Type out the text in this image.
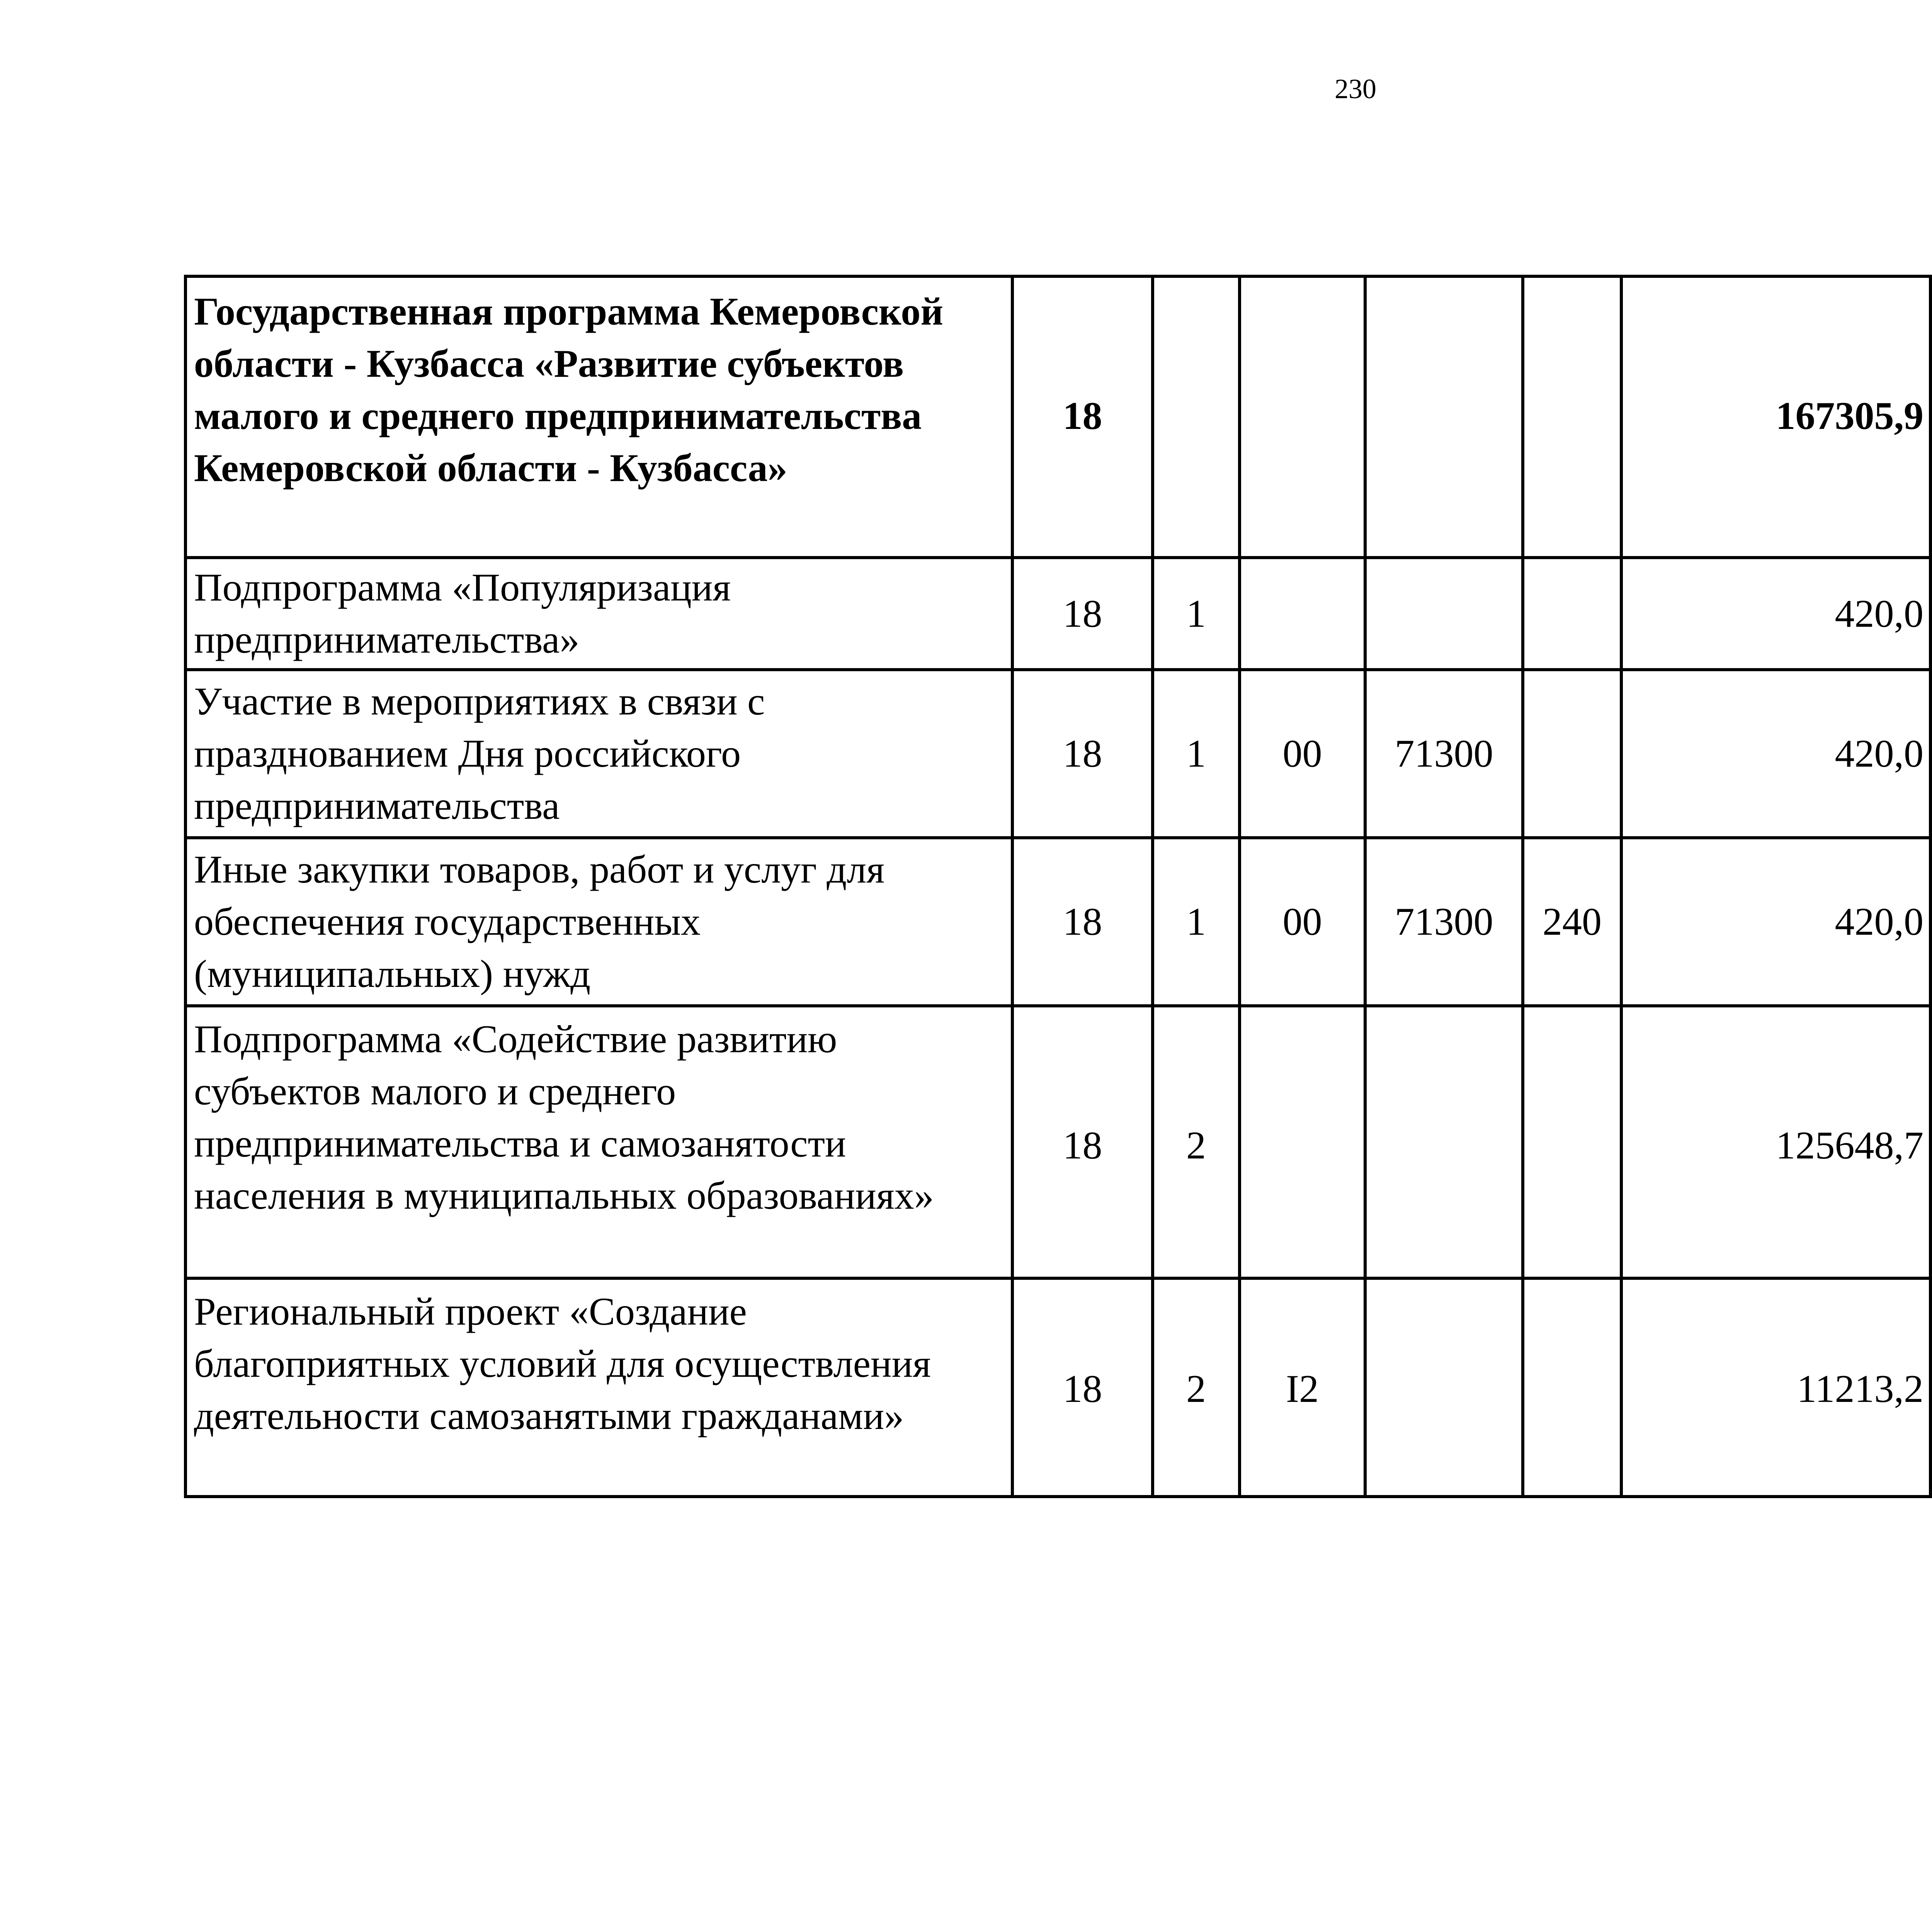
230
Государственная программа Кемеровской области - Кузбасса «Развитие субъектов малого и среднего предпринимательства Кемеровской области - Кузбасса»	18					167305,9		
Подпрограмма «Популяризация предпринимательства»	18	1				420,0		
Участие в мероприятиях в связи с празднованием Дня российского предпринимательства	18	1	00	71300		420,0		
Иные закупки товаров, работ и услуг для обеспечения государственных (муниципальных) нужд	18	1	00	71300	240	420,0		
Подпрограмма «Содействие развитию субъектов малого и среднего предпринимательства и самозанятости населения в муниципальных образованиях»	18	2				125648,7		
Региональный проект «Создание благоприятных условий для осуществления деятельности самозанятыми гражданами»	18	2	I2			11213,2		
